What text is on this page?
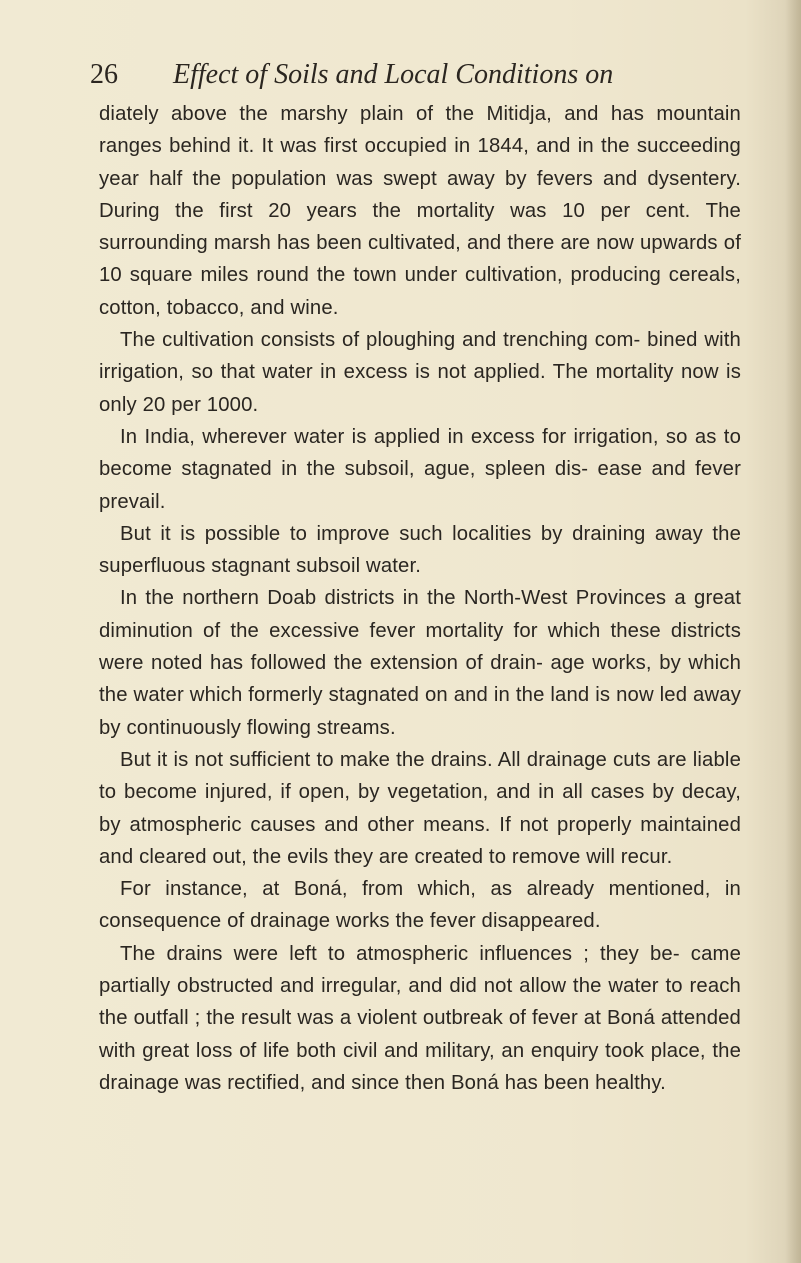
26 Effect of Soils and Local Conditions on

diately above the marshy plain of the Mitidja, and has mountain ranges behind it. It was first occupied in 1844, and in the succeeding year half the population was swept away by fevers and dysentery. During the first 20 years the mortality was 10 per cent. The surrounding marsh has been cultivated, and there are now upwards of 10 square miles round the town under cultivation, producing cereals, cotton, tobacco, and wine.

The cultivation consists of ploughing and trenching com- bined with irrigation, so that water in excess is not applied. The mortality now is only 20 per 1000.

In India, wherever water is applied in excess for irrigation, so as to become stagnated in the subsoil, ague, spleen dis- ease and fever prevail.

But it is possible to improve such localities by draining away the superfluous stagnant subsoil water.

In the northern Doab districts in the North-West Provinces a great diminution of the excessive fever mortality for which these districts were noted has followed the extension of drain- age works, by which the water which formerly stagnated on and in the land is now led away by continuously flowing streams.

But it is not sufficient to make the drains. All drainage cuts are liable to become injured, if open, by vegetation, and in all cases by decay, by atmospheric causes and other means. If not properly maintained and cleared out, the evils they are created to remove will recur.

For instance, at Boná, from which, as already mentioned, in consequence of drainage works the fever disappeared.

The drains were left to atmospheric influences ; they be- came partially obstructed and irregular, and did not allow the water to reach the outfall ; the result was a violent outbreak of fever at Boná attended with great loss of life both civil and military, an enquiry took place, the drainage was rectified, and since then Boná has been healthy.
